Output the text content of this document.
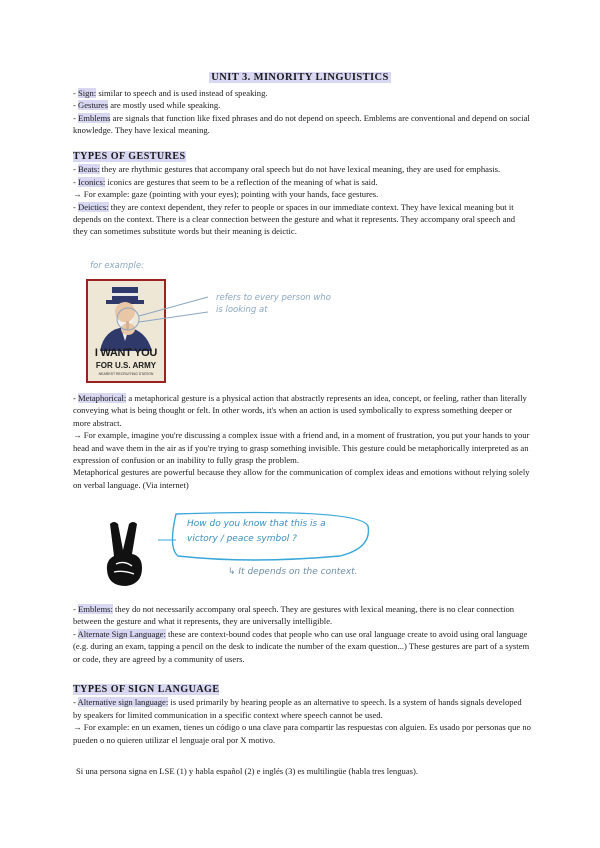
UNIT 3. MINORITY LINGUISTICS

- Sign: similar to speech and is used instead of speaking.

- Gestures are mostly used while speaking.

- Emblems are signals that function like fixed phrases and do not depend on speech. Emblems are conventional and depend on social knowledge. They have lexical meaning.

TYPES OF GESTURES

- Beats: they are rhythmic gestures that accompany oral speech but do not have lexical meaning, they are used for emphasis.

- Iconics: iconics are gestures that seem to be a reflection of the meaning of what is said.

→ For example: gaze (pointing with your eyes); pointing with your hands, face gestures.

- Deictics: they are context dependent, they refer to people or spaces in our immediate context. They have lexical meaning but it depends on the context. There is a clear connection between the gesture and what it represents. They accompany oral speech and they can sometimes substitute words but their meaning is deictic.

for example:
I WANT YOU
FOR U.S. ARMY
NEAREST RECRUITING STATION
refers to every person who
is looking at

- Metaphorical: a metaphorical gesture is a physical action that abstractly represents an idea, concept, or feeling, rather than literally conveying what is being thought or felt. In other words, it's when an action is used symbolically to express something deeper or more abstract.

→ For example, imagine you're discussing a complex issue with a friend and, in a moment of frustration, you put your hands to your head and wave them in the air as if you're trying to grasp something invisible. This gesture could be metaphorically interpreted as an expression of confusion or an inability to fully grasp the problem.

Metaphorical gestures are powerful because they allow for the communication of complex ideas and emotions without relying solely on verbal language. (Via internet)

How do you know that this is a
victory / peace symbol ?
↳ It depends on the context.

- Emblems: they do not necessarily accompany oral speech. They are gestures with lexical meaning, there is no clear connection between the gesture and what it represents, they are universally intelligible.

- Alternate Sign Language: these are context-bound codes that people who can use oral language create to avoid using oral language (e.g. during an exam, tapping a pencil on the desk to indicate the number of the exam question...) These gestures are part of a system or code, they are agreed by a community of users.

TYPES OF SIGN LANGUAGE

- Alternative sign language: is used primarily by hearing people as an alternative to speech. Is a system of hands signals developed by speakers for limited communication in a specific context where speech cannot be used.

→ For example: en un examen, tienes un código o una clave para compartir las respuestas con alguien. Es usado por personas que no pueden o no quieren utilizar el lenguaje oral por X motivo.

Si una persona signa en LSE (1) y habla español (2) e inglés (3) es multilingüe (habla tres lenguas).
